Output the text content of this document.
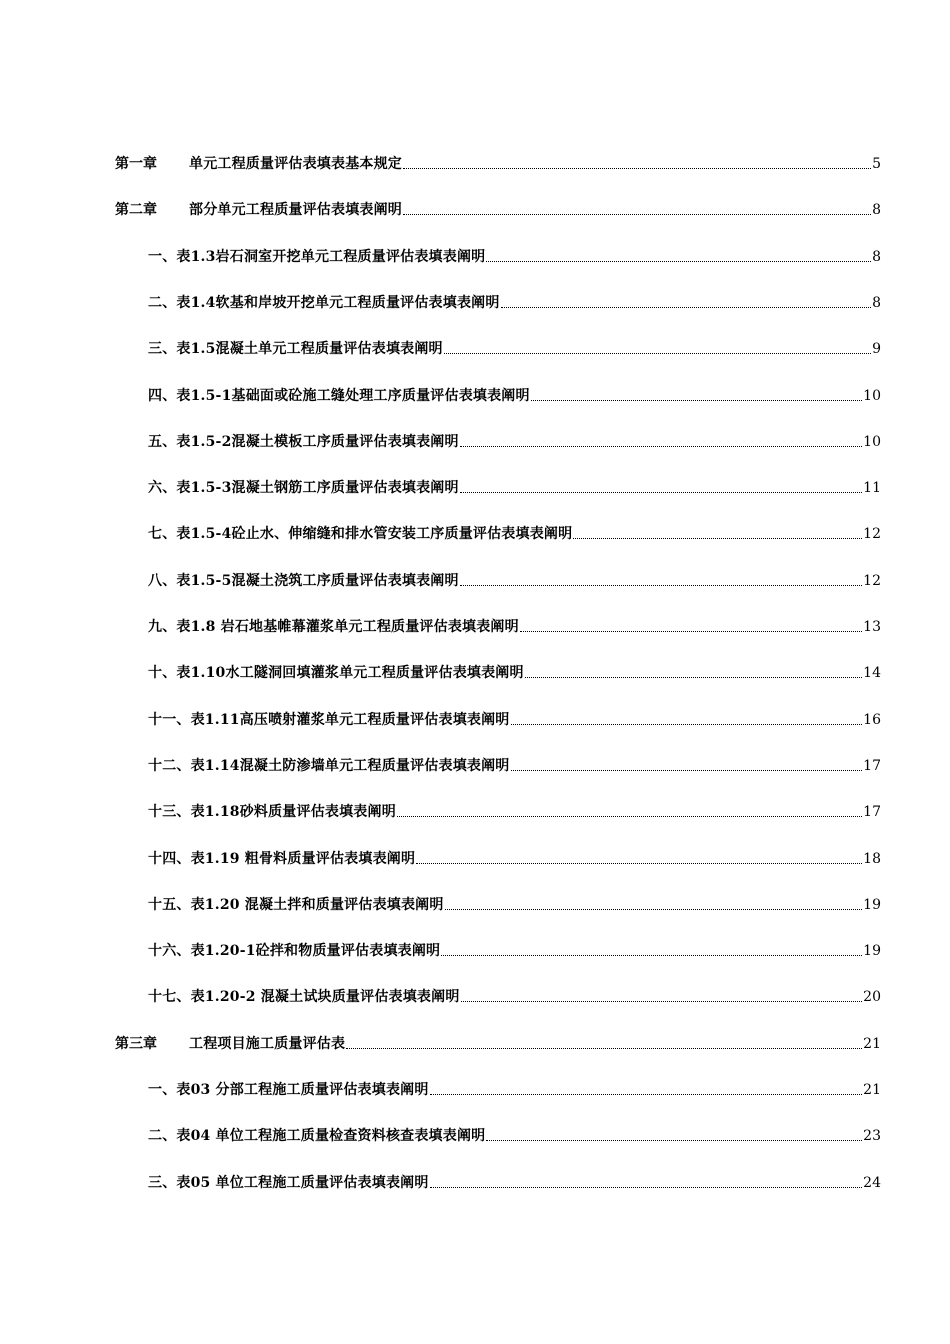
第一章	单元工程质量评估表填表基本规定	5
第二章	部分单元工程质量评估表填表阐明	8
一、表1.3岩石洞室开挖单元工程质量评估表填表阐明	8
二、表1.4软基和岸坡开挖单元工程质量评估表填表阐明	8
三、表1.5混凝土单元工程质量评估表填表阐明	9
四、表1.5-1基础面或砼施工缝处理工序质量评估表填表阐明	10
五、表1.5-2混凝土模板工序质量评估表填表阐明	10
六、表1.5-3混凝土钢筋工序质量评估表填表阐明	11
七、表1.5-4砼止水、伸缩缝和排水管安装工序质量评估表填表阐明	12
八、表1.5-5混凝土浇筑工序质量评估表填表阐明	12
九、表1.8 岩石地基帷幕灌浆单元工程质量评估表填表阐明	13
十、表1.10水工隧洞回填灌浆单元工程质量评估表填表阐明	14
十一、表1.11高压喷射灌浆单元工程质量评估表填表阐明	16
十二、表1.14混凝土防渗墙单元工程质量评估表填表阐明	17
十三、表1.18砂料质量评估表填表阐明	17
十四、表1.19 粗骨料质量评估表填表阐明	18
十五、表1.20 混凝土拌和质量评估表填表阐明	19
十六、表1.20-1砼拌和物质量评估表填表阐明	19
十七、表1.20-2 混凝土试块质量评估表填表阐明	20
第三章	工程项目施工质量评估表	21
一、表03 分部工程施工质量评估表填表阐明	21
二、表04 单位工程施工质量检查资料核查表填表阐明	23
三、表05 单位工程施工质量评估表填表阐明	24
